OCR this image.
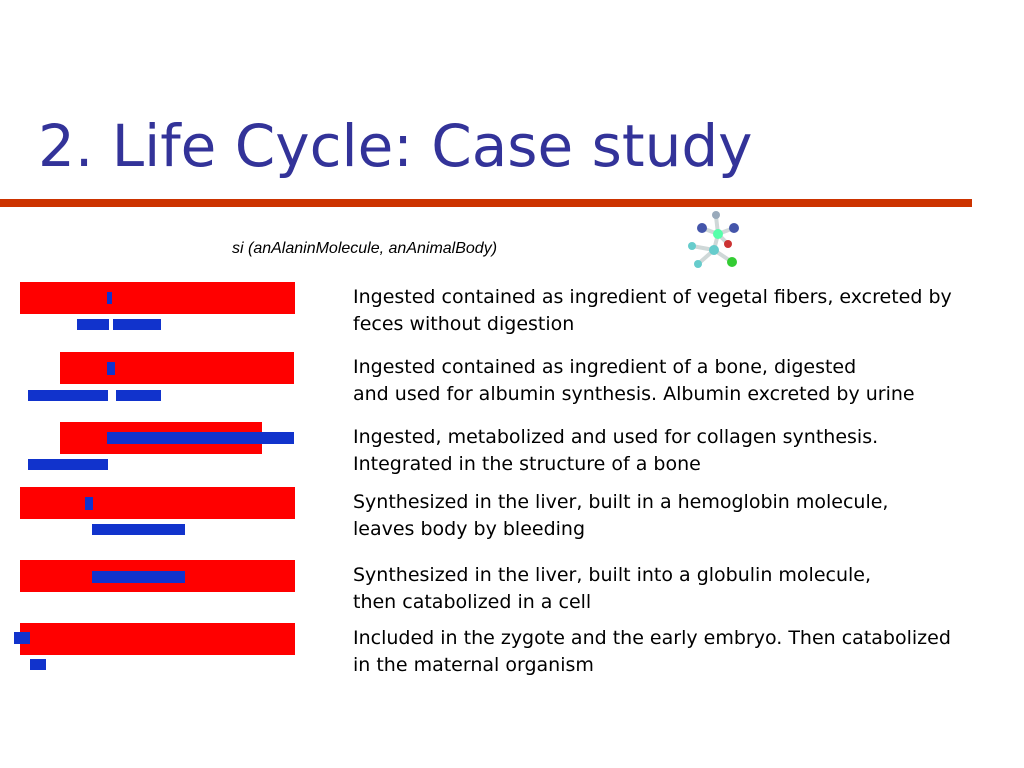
2. Life Cycle: Case study
si (anAlaninMolecule, anAnimalBody)
Ingested contained as ingredient of vegetal fibers, excreted by
feces without digestion
Ingested contained as ingredient of a bone, digested
and used for albumin synthesis. Albumin excreted by urine
Ingested, metabolized and used for collagen synthesis.
Integrated in the structure of a bone
Synthesized in the liver, built in a hemoglobin molecule,
leaves body by bleeding
Synthesized in the liver, built into a globulin molecule,
then catabolized in a cell
Included in the zygote and the early embryo. Then catabolized
in the maternal organism
